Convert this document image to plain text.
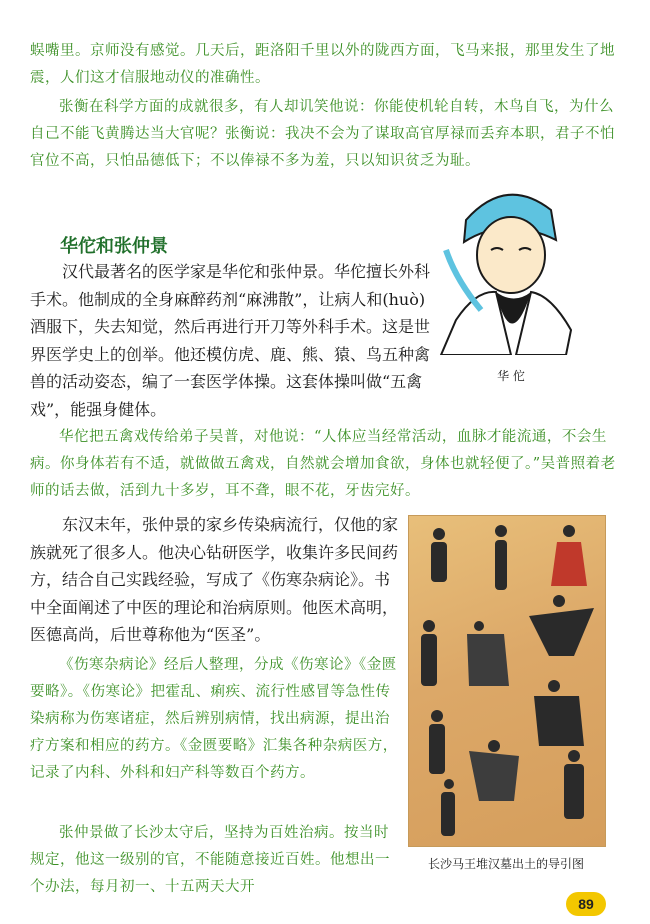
蜈嘴里。京师没有感觉。几天后，距洛阳千里以外的陇西方面，飞马来报，那里发生了地震，人们这才信服地动仪的准确性。

张衡在科学方面的成就很多，有人却讥笑他说：你能使机轮自转，木鸟自飞，为什么自己不能飞黄腾达当大官呢？张衡说：我决不会为了谋取高官厚禄而丢弃本职，君子不怕官位不高，只怕品德低下；不以俸禄不多为羞，只以知识贫乏为耻。

华佗和张仲景

汉代最著名的医学家是华佗和张仲景。华佗擅长外科手术。他制成的全身麻醉药剂“麻沸散”，让病人和(huò)酒服下，失去知觉，然后再进行开刀等外科手术。这是世界医学史上的创举。他还模仿虎、鹿、熊、猿、鸟五种禽兽的活动姿态，编了一套医学体操。这套体操叫做“五禽戏”，能强身健体。

华 佗

华佗把五禽戏传给弟子吴普，对他说：“人体应当经常活动，血脉才能流通，不会生病。你身体若有不适，就做做五禽戏，自然就会增加食欲，身体也就轻便了。”吴普照着老师的话去做，活到九十多岁，耳不聋，眼不花，牙齿完好。

东汉末年，张仲景的家乡传染病流行，仅他的家族就死了很多人。他决心钻研医学，收集许多民间药方，结合自己实践经验，写成了《伤寒杂病论》。书中全面阐述了中医的理论和治病原则。他医术高明，医德高尚，后世尊称他为“医圣”。

《伤寒杂病论》经后人整理，分成《伤寒论》《金匮要略》。《伤寒论》把霍乱、痢疾、流行性感冒等急性传染病称为伤寒诸症，然后辨别病情，找出病源，提出治疗方案和相应的药方。《金匮要略》汇集各种杂病医方，记录了内科、外科和妇产科等数百个药方。

张仲景做了长沙太守后，坚持为百姓治病。按当时规定，他这一级别的官，不能随意接近百姓。他想出一个办法，每月初一、十五两天大开

长沙马王堆汉墓出土的导引图
89
